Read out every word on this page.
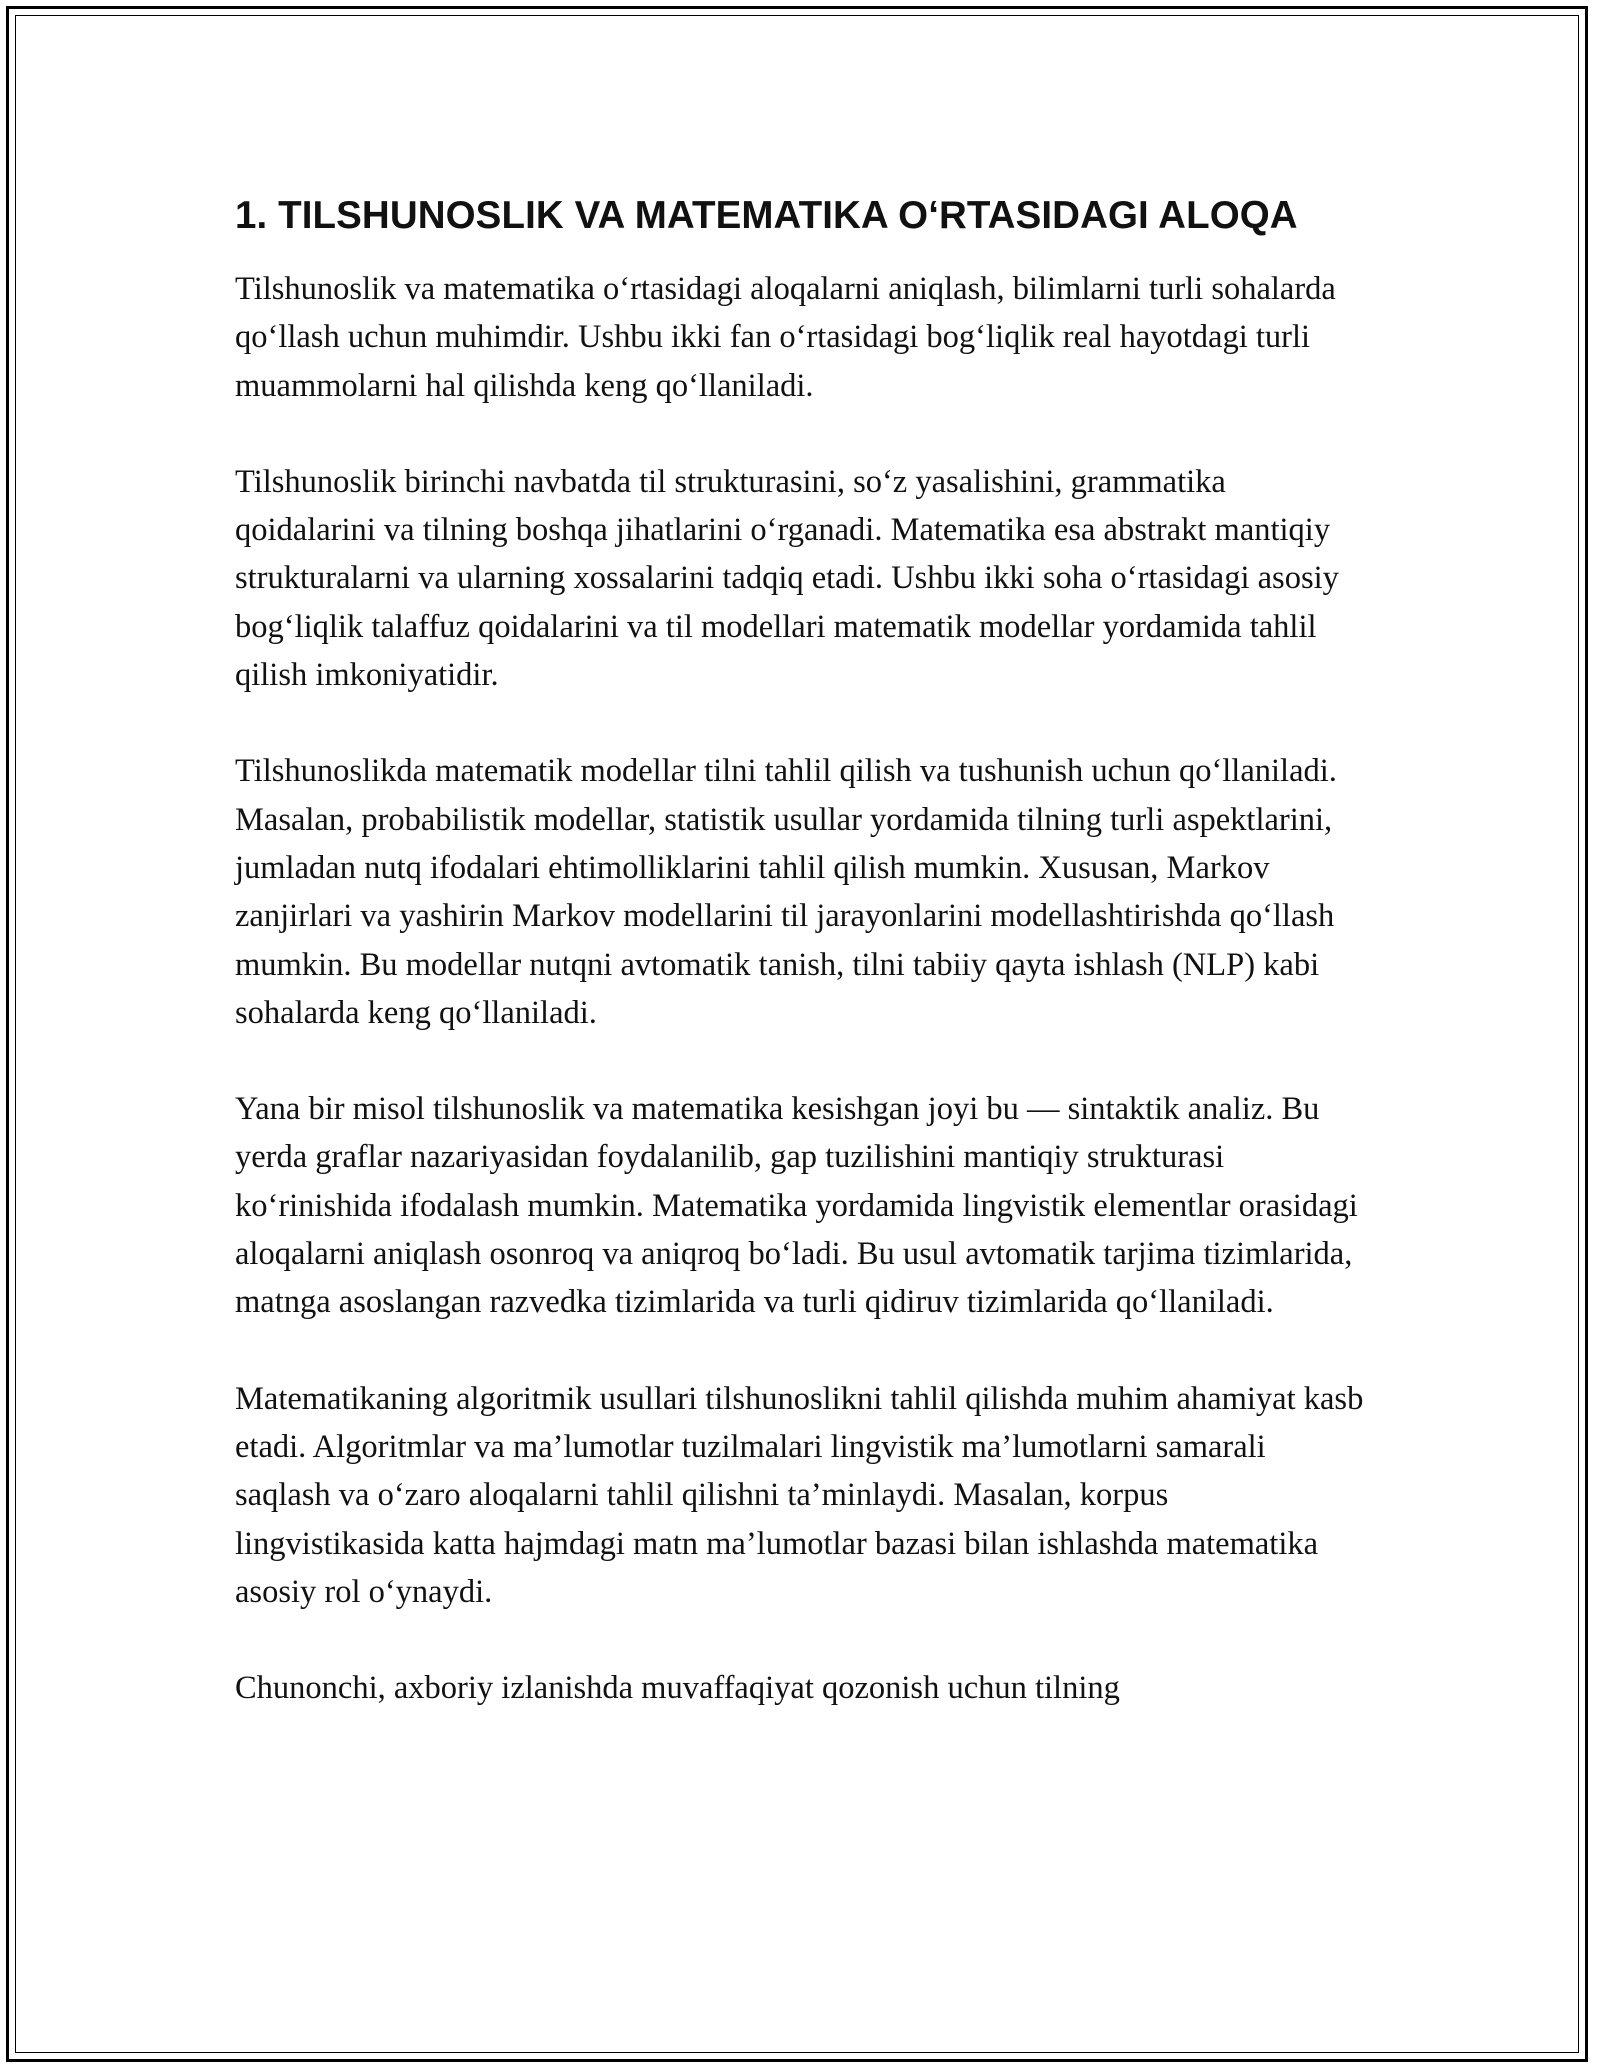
1. TILSHUNOSLIK VA MATEMATIKA O‘RTASIDAGI ALOQA

Tilshunoslik va matematika o‘rtasidagi aloqalarni aniqlash, bilimlarni turli sohalarda qo‘llash uchun muhimdir. Ushbu ikki fan o‘rtasidagi bog‘liqlik real hayotdagi turli muammolarni hal qilishda keng qo‘llaniladi.

Tilshunoslik birinchi navbatda til strukturasini, so‘z yasalishini, grammatika qoidalarini va tilning boshqa jihatlarini o‘rganadi. Matematika esa abstrakt mantiqiy strukturalarni va ularning xossalarini tadqiq etadi. Ushbu ikki soha o‘rtasidagi asosiy bog‘liqlik talaffuz qoidalarini va til modellari matematik modellar yordamida tahlil qilish imkoniyatidir.

Tilshunoslikda matematik modellar tilni tahlil qilish va tushunish uchun qo‘llaniladi. Masalan, probabilistik modellar, statistik usullar yordamida tilning turli aspektlarini, jumladan nutq ifodalari ehtimolliklarini tahlil qilish mumkin. Xususan, Markov zanjirlari va yashirin Markov modellarini til jarayonlarini modellashtirishda qo‘llash mumkin. Bu modellar nutqni avtomatik tanish, tilni tabiiy qayta ishlash (NLP) kabi sohalarda keng qo‘llaniladi.

Yana bir misol tilshunoslik va matematika kesishgan joyi bu — sintaktik analiz. Bu yerda graflar nazariyasidan foydalanilib, gap tuzilishini mantiqiy strukturasi ko‘rinishida ifodalash mumkin. Matematika yordamida lingvistik elementlar orasidagi aloqalarni aniqlash osonroq va aniqroq bo‘ladi. Bu usul avtomatik tarjima tizimlarida, matnga asoslangan razvedka tizimlarida va turli qidiruv tizimlarida qo‘llaniladi.

Matematikaning algoritmik usullari tilshunoslikni tahlil qilishda muhim ahamiyat kasb etadi. Algoritmlar va ma’lumotlar tuzilmalari lingvistik ma’lumotlarni samarali saqlash va o‘zaro aloqalarni tahlil qilishni ta’minlaydi. Masalan, korpus lingvistikasida katta hajmdagi matn ma’lumotlar bazasi bilan ishlashda matematika asosiy rol o‘ynaydi.

Chunonchi, axboriy izlanishda muvaffaqiyat qozonish uchun tilning
